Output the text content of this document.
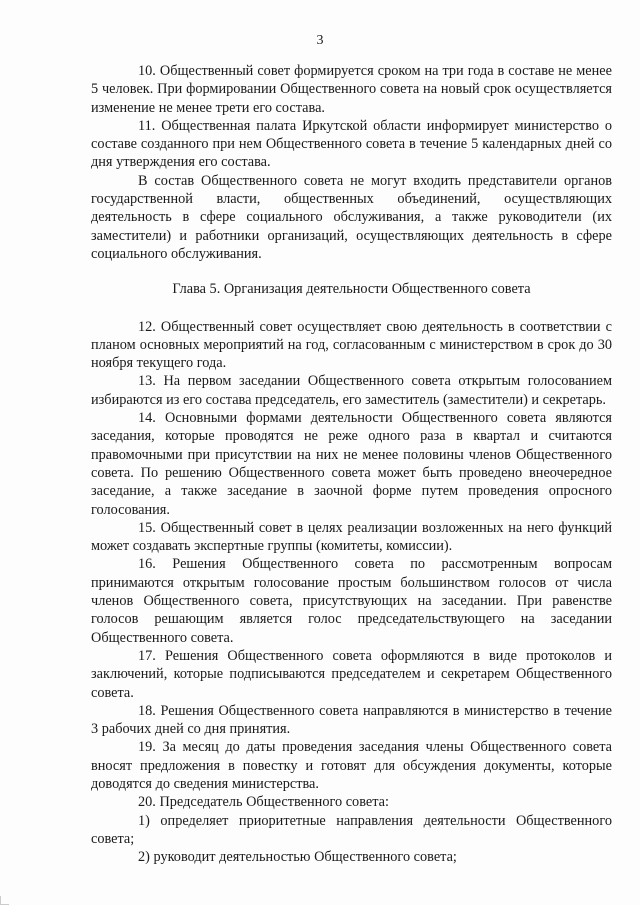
3

10. Общественный совет формируется сроком на три года в составе не менее 5 человек. При формировании Общественного совета на новый срок осуществляется изменение не менее трети его состава.

11. Общественная палата Иркутской области информирует министерство о составе созданного при нем Общественного совета в течение 5 календарных дней со дня утверждения его состава.

В состав Общественного совета не могут входить представители органов государственной власти, общественных объединений, осуществляющих деятельность в сфере социального обслуживания, а также руководители (их заместители) и работники организаций, осуществляющих деятельность в сфере социального обслуживания.

Глава 5. Организация деятельности Общественного совета

12. Общественный совет осуществляет свою деятельность в соответствии с планом основных мероприятий на год, согласованным с министерством в срок до 30 ноября текущего года.

13. На первом заседании Общественного совета открытым голосованием избираются из его состава председатель, его заместитель (заместители) и секретарь.

14. Основными формами деятельности Общественного совета являются заседания, которые проводятся не реже одного раза в квартал и считаются правомочными при присутствии на них не менее половины членов Общественного совета. По решению Общественного совета может быть проведено внеочередное заседание, а также заседание в заочной форме путем проведения опросного голосования.

15. Общественный совет в целях реализации возложенных на него функций может создавать экспертные группы (комитеты, комиссии).

16. Решения Общественного совета по рассмотренным вопросам принимаются открытым голосование простым большинством голосов от числа членов Общественного совета, присутствующих на заседании. При равенстве голосов решающим является голос председательствующего на заседании Общественного совета.

17. Решения Общественного совета оформляются в виде протоколов и заключений, которые подписываются председателем и секретарем Общественного совета.

18. Решения Общественного совета направляются в министерство в течение 3 рабочих дней со дня принятия.

19. За месяц до даты проведения заседания члены Общественного совета вносят предложения в повестку и готовят для обсуждения документы, которые доводятся до сведения министерства.

20. Председатель Общественного совета:

1) определяет приоритетные направления деятельности Общественного совета;

2) руководит деятельностью Общественного совета;
